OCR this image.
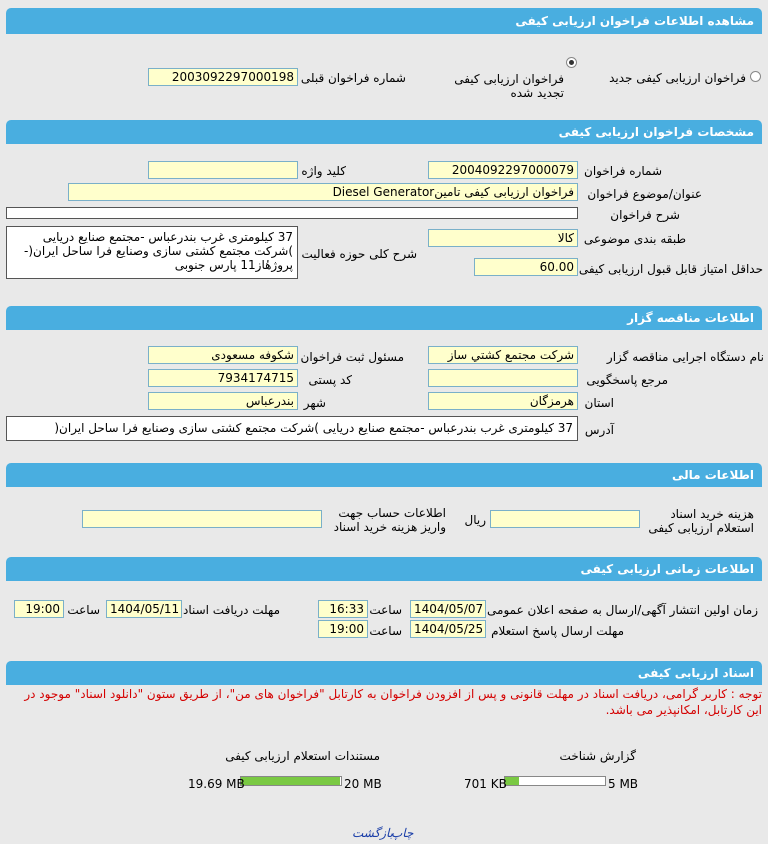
مشاهده اطلاعات فراخوان ارزیابی کیفی
فراخوان ارزیابی کیفی جدید
فراخوان ارزیابی کیفی تجدید شده
شماره فراخوان قبلی
2003092297000198
مشخصات فراخوان ارزیابی کیفی
شماره فراخوان
2004092297000079
کلید واژه
عنوان/موضوع فراخوان
فراخوان ارزیابی کیفی تامینDiesel Generator
شرح فراخوان
طبقه بندی موضوعی
کالا
شرح کلی حوزه فعالیت
37 کیلومتری غرب بندرعباس -مجتمع صنایع دریایی )شرکت مجتمع کشتی سازی وصنایع فرا ساحل ایران(- پروژهٔاز11 پارس جنوبی	حداقل امتیاز قابل قبول ارزیابی کیفی
60.00
اطلاعات مناقصه گزار
نام دستگاه اجرایی مناقصه گزار
شرکت مجتمع کشتي ساز
مسئول ثبت فراخوان
شکوفه مسعودی
مرجع پاسخگویی
کد پستی
7934174715
استان
هرمزگان
شهر
بندرعباس
آدرس
37 کیلومتری غرب بندرعباس -مجتمع صنایع دریایی )شرکت مجتمع کشتی سازی وصنایع فرا ساحل ایران(
اطلاعات مالی
هزینه خرید اسناد استعلام ارزیابی کیفی
ریال
اطلاعات حساب جهت واریز هزینه خرید اسناد
اطلاعات زمانی ارزیابی کیفی
زمان اولین انتشار آگهی/ارسال به صفحه اعلان عمومی
1404/05/07
ساعت
16:33
مهلت دریافت اسناد
1404/05/11
ساعت
19:00
مهلت ارسال پاسخ استعلام
1404/05/25
ساعت
19:00
اسناد ارزیابی کیفی
توجه : کاربر گرامی، دریافت اسناد در مهلت قانونی و پس از افزودن فراخوان به کارتابل "فراخوان های من"، از طریق ستون "دانلود اسناد" موجود در این کارتابل، امکانپذیر می باشد.
گزارش شناخت
5 MB
701 KB
مستندات استعلام ارزیابی کیفی
20 MB
19.69 MB
چاپ
بازگشت
